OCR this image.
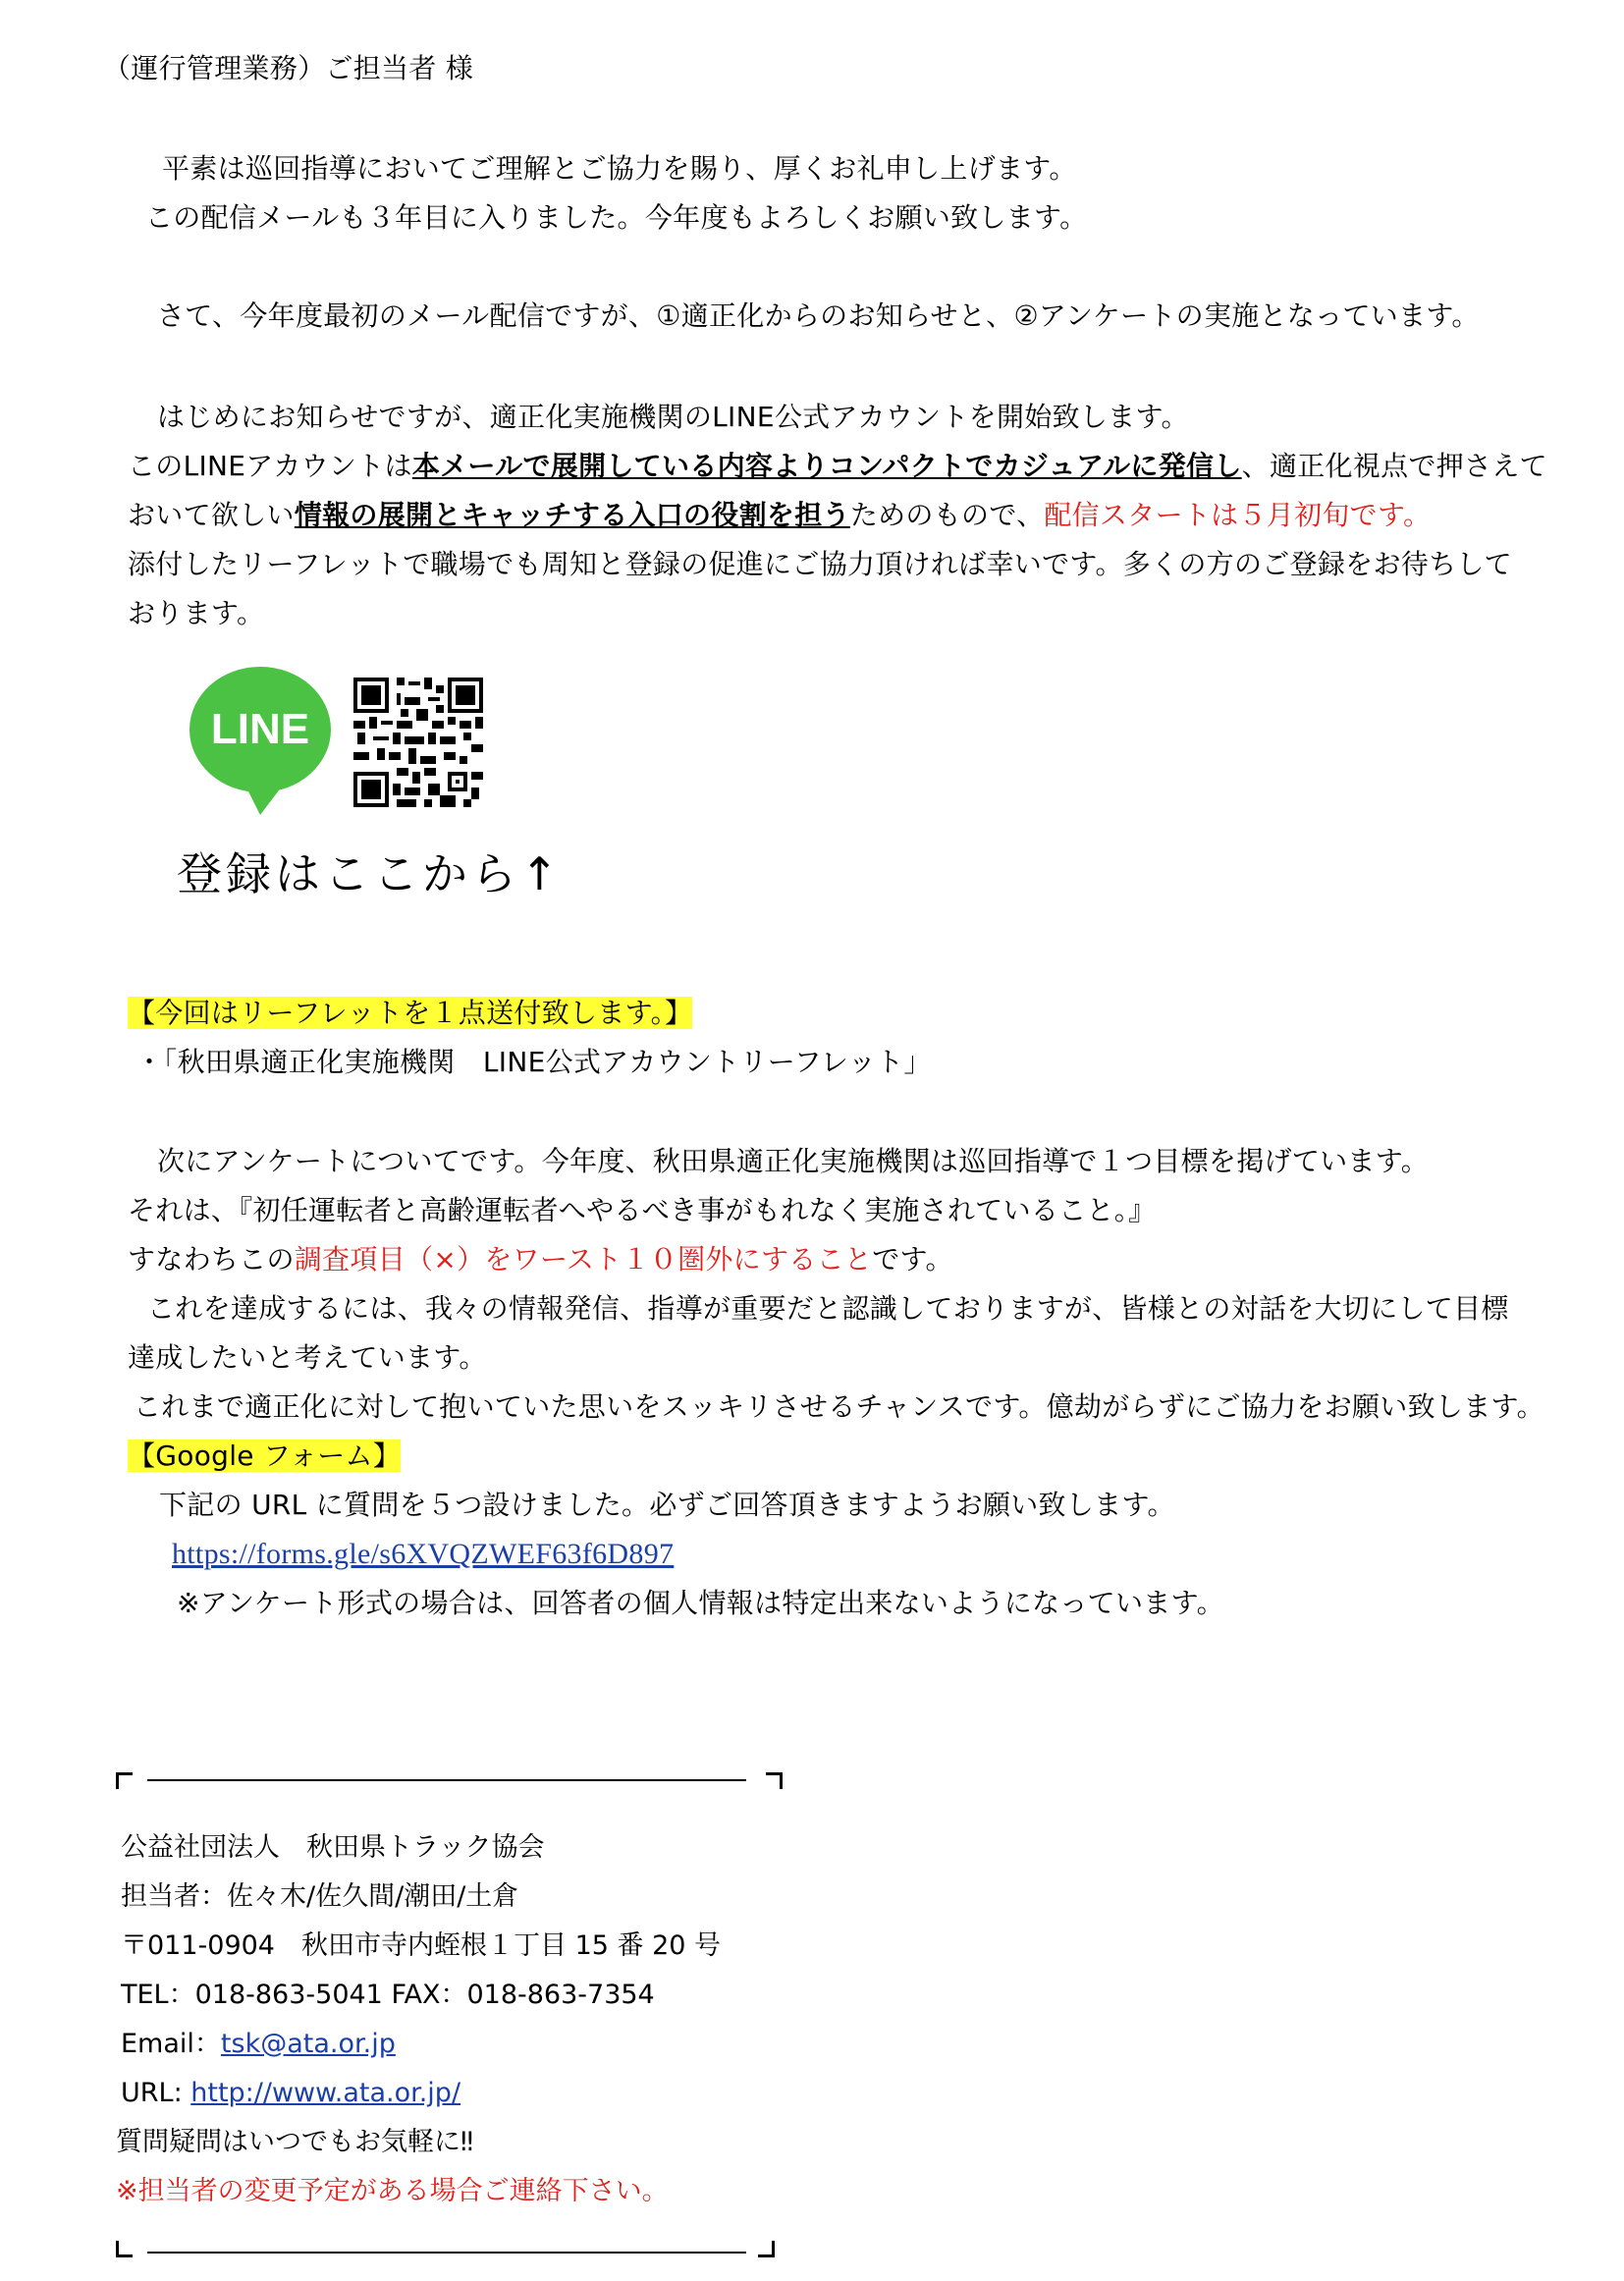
（運行管理業務）ご担当者 様
平素は巡回指導においてご理解とご協力を賜り、厚くお礼申し上げます。
この配信メールも３年目に入りました。今年度もよろしくお願い致します。
さて、今年度最初のメール配信ですが、①適正化からのお知らせと、②アンケートの実施となっています。
はじめにお知らせですが、適正化実施機関のLINE公式アカウントを開始致します。
このLINEアカウントは本メールで展開している内容よりコンパクトでカジュアルに発信し、適正化視点で押さえて
おいて欲しい情報の展開とキャッチする入口の役割を担うためのもので、配信スタートは５月初旬です。
添付したリーフレットで職場でも周知と登録の促進にご協力頂ければ幸いです。多くの方のご登録をお待ちして
おります。
LINE
登録はここから↑
【今回はリーフレットを１点送付致します。】
・「秋田県適正化実施機関　LINE公式アカウントリーフレット」
次にアンケートについてです。今年度、秋田県適正化実施機関は巡回指導で１つ目標を掲げています。
それは、『初任運転者と高齢運転者へやるべき事がもれなく実施されていること。』
すなわちこの調査項目（×）をワースト１０圏外にすることです。
これを達成するには、我々の情報発信、指導が重要だと認識しておりますが、皆様との対話を大切にして目標
達成したいと考えています。
これまで適正化に対して抱いていた思いをスッキリさせるチャンスです。億劫がらずにご協力をお願い致します。
【Google フォーム】
下記の URL に質問を５つ設けました。必ずご回答頂きますようお願い致します。
https://forms.gle/s6XVQZWEF63f6D897
※アンケート形式の場合は、回答者の個人情報は特定出来ないようになっています。
公益社団法人　秋田県トラック協会
担当者：佐々木/佐久間/潮田/土倉
〒011-0904　秋田市寺内蛭根１丁目 15 番 20 号
TEL：018-863-5041 FAX：018-863-7354
Email：tsk@ata.or.jp
URL: http://www.ata.or.jp/
質問疑問はいつでもお気軽に‼
※担当者の変更予定がある場合ご連絡下さい。
